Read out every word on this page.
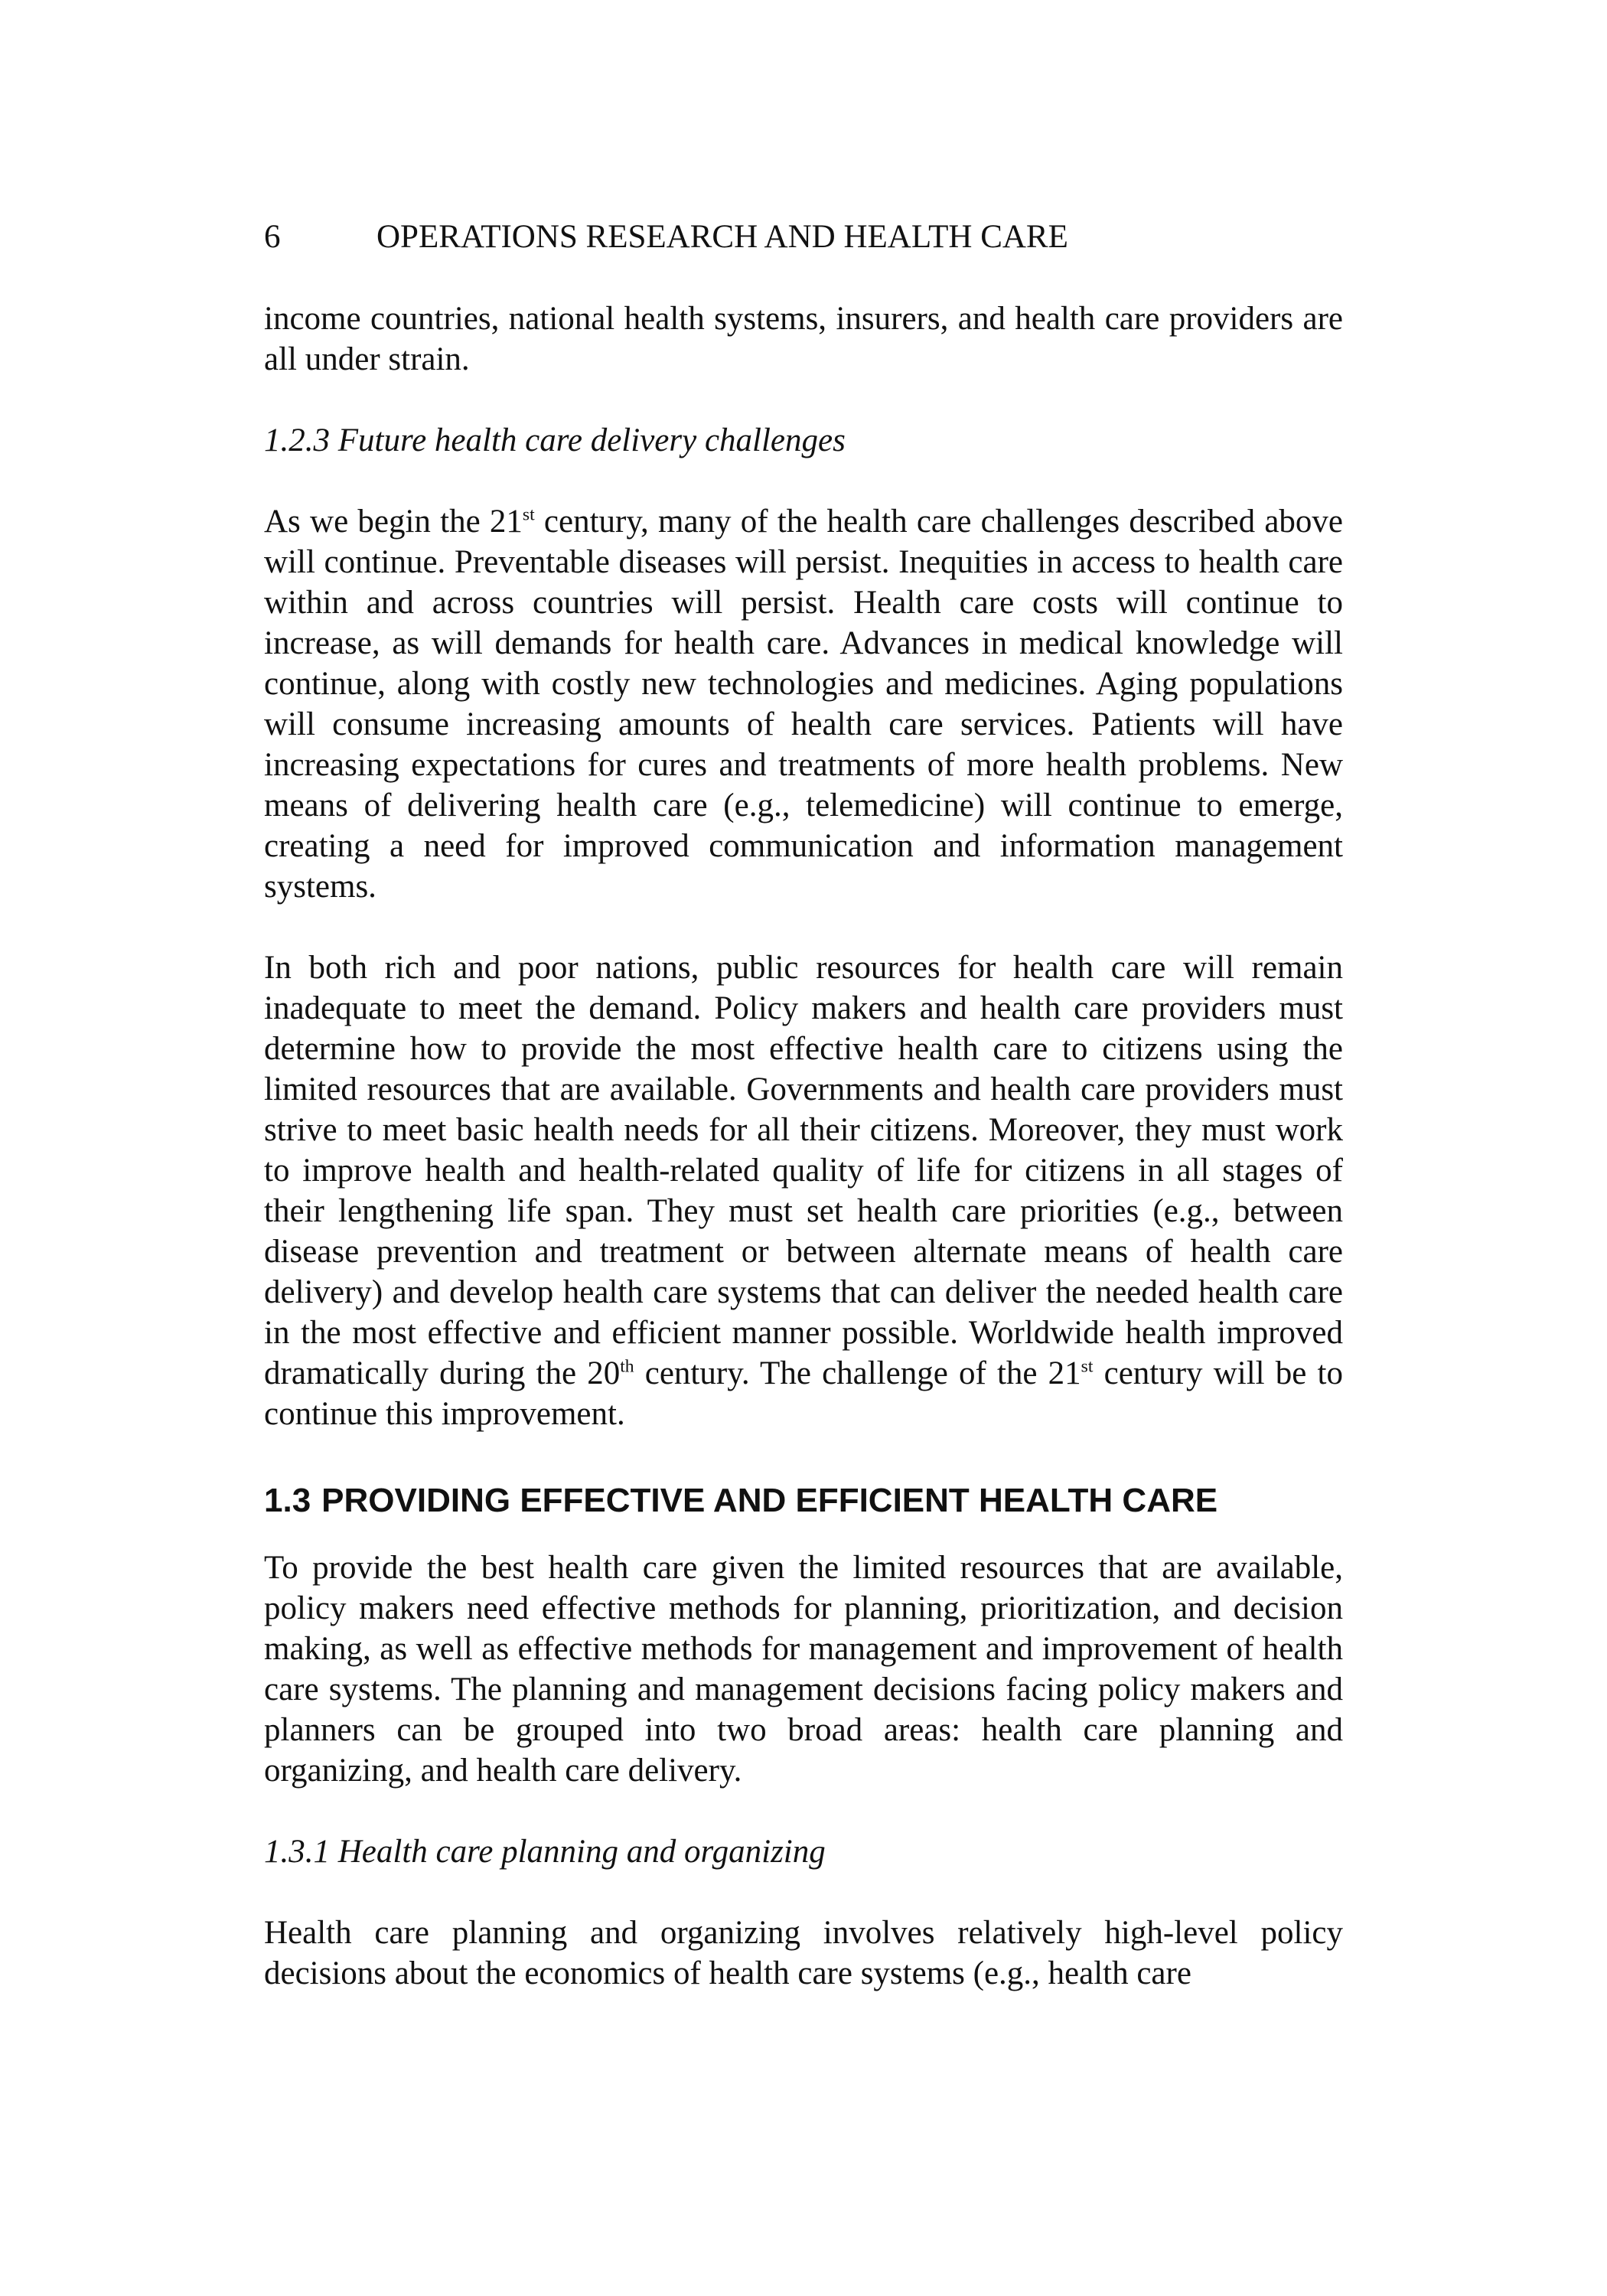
6	OPERATIONS RESEARCH AND HEALTH CARE

income countries, national health systems, insurers, and health care providers are all under strain.

1.2.3 Future health care delivery challenges

As we begin the 21st century, many of the health care challenges described above will continue. Preventable diseases will persist. Inequities in access to health care within and across countries will persist. Health care costs will continue to increase, as will demands for health care. Advances in medical knowledge will continue, along with costly new technologies and medicines. Aging populations will consume increasing amounts of health care services. Patients will have increasing expectations for cures and treatments of more health problems. New means of delivering health care (e.g., telemedicine) will continue to emerge, creating a need for improved communication and information management systems.

In both rich and poor nations, public resources for health care will remain inadequate to meet the demand. Policy makers and health care providers must determine how to provide the most effective health care to citizens using the limited resources that are available. Governments and health care providers must strive to meet basic health needs for all their citizens. Moreover, they must work to improve health and health-related quality of life for citizens in all stages of their lengthening life span. They must set health care priorities (e.g., between disease prevention and treatment or between alternate means of health care delivery) and develop health care systems that can deliver the needed health care in the most effective and efficient manner possible. Worldwide health improved dramatically during the 20th century. The challenge of the 21st century will be to continue this improvement.

1.3 PROVIDING EFFECTIVE AND EFFICIENT HEALTH CARE

To provide the best health care given the limited resources that are available, policy makers need effective methods for planning, prioritization, and decision making, as well as effective methods for management and improvement of health care systems. The planning and management decisions facing policy makers and planners can be grouped into two broad areas: health care planning and organizing, and health care delivery.

1.3.1 Health care planning and organizing

Health care planning and organizing involves relatively high-level policy decisions about the economics of health care systems (e.g., health care
